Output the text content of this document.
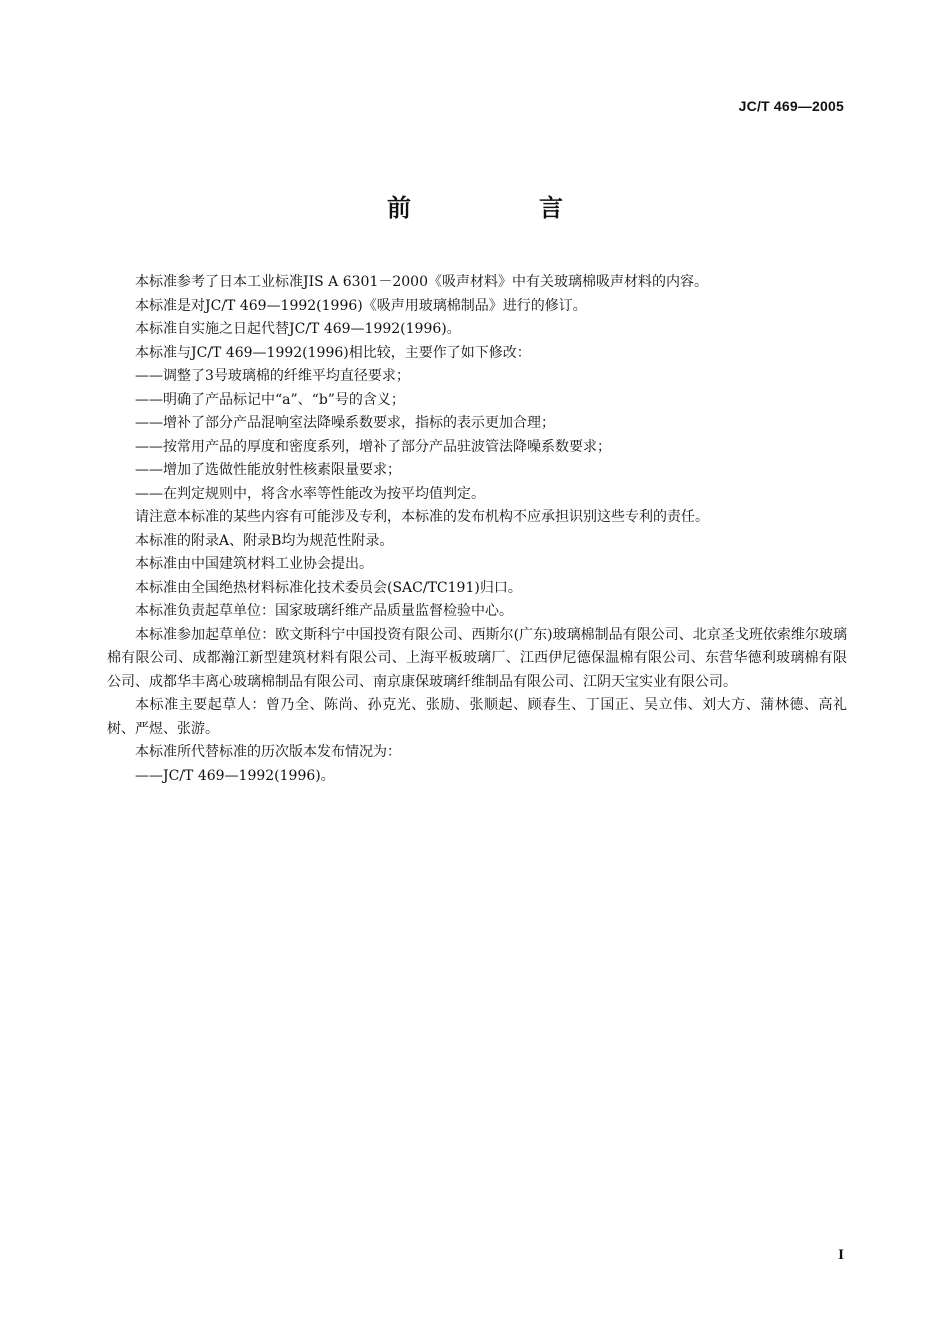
JC/T 469—2005
前　言

本标准参考了日本工业标准JIS A 6301－2000《吸声材料》中有关玻璃棉吸声材料的内容。

本标准是对JC/T 469—1992(1996)《吸声用玻璃棉制品》进行的修订。

本标准自实施之日起代替JC/T 469—1992(1996)。

本标准与JC/T 469—1992(1996)相比较，主要作了如下修改：

——调整了3号玻璃棉的纤维平均直径要求；

——明确了产品标记中“a”、“b”号的含义；

——增补了部分产品混响室法降噪系数要求，指标的表示更加合理；

——按常用产品的厚度和密度系列，增补了部分产品驻波管法降噪系数要求；

——增加了选做性能放射性核素限量要求；

——在判定规则中，将含水率等性能改为按平均值判定。

请注意本标准的某些内容有可能涉及专利，本标准的发布机构不应承担识别这些专利的责任。

本标准的附录A、附录B均为规范性附录。

本标准由中国建筑材料工业协会提出。

本标准由全国绝热材料标准化技术委员会(SAC/TC191)归口。

本标准负责起草单位：国家玻璃纤维产品质量监督检验中心。

本标准参加起草单位：欧文斯科宁中国投资有限公司、西斯尔(广东)玻璃棉制品有限公司、北京圣戈班依索维尔玻璃棉有限公司、成都瀚江新型建筑材料有限公司、上海平板玻璃厂、江西伊尼德保温棉有限公司、东营华德利玻璃棉有限公司、成都华丰离心玻璃棉制品有限公司、南京康保玻璃纤维制品有限公司、江阴天宝实业有限公司。

本标准主要起草人：曾乃全、陈尚、孙克光、张励、张顺起、顾春生、丁国正、吴立伟、刘大方、蒲林德、高礼树、严煜、张游。

本标准所代替标准的历次版本发布情况为：

——JC/T 469—1992(1996)。

I
